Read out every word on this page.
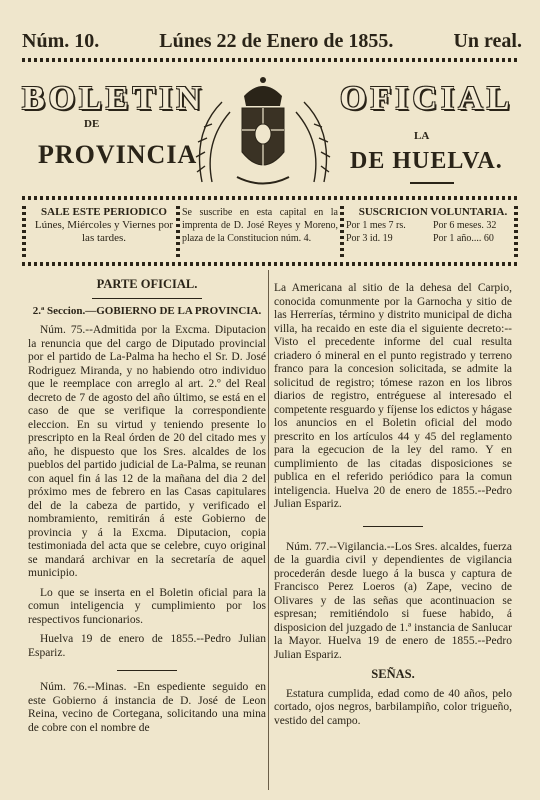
Núm. 10.	Lúnes 22 de Enero de 1855.	Un real.
BOLETIN	OFICIAL
DE
LA
PROVINCIA	DE HUELVA.
SALE ESTE PERIODICO
Lúnes, Miércoles y Viernes por las tardes.
Se suscribe en esta capital en la imprenta de D. José Reyes y Moreno, plaza de la Constitucion núm. 4.
SUSCRICION VOLUNTARIA.
Por 1 mes 7 rs.	Por 6 meses. 32
Por 3 id. 19	Por 1 año.... 60
PARTE OFICIAL.

2.ª Seccion.—GOBIERNO DE LA PROVINCIA.

Núm. 75.--Admitida por la Excma. Diputacion la renuncia que del cargo de Diputado provincial por el partido de La-Palma ha hecho el Sr. D. José Rodriguez Miranda, y no habiendo otro individuo que le reemplace con arreglo al art. 2.º del Real decreto de 7 de agosto del año último, se está en el caso de que se verifique la correspondiente eleccion. En su virtud y teniendo presente lo prescripto en la Real órden de 20 del citado mes y año, he dispuesto que los Sres. alcaldes de los pueblos del partido judicial de La-Palma, se reunan con aquel fin á las 12 de la mañana del dia 2 del próximo mes de febrero en las Casas capitulares del de la cabeza de partido, y verificado el nombramiento, remitirán á este Gobierno de provincia y á la Excma. Diputacion, copia testimoniada del acta que se celebre, cuyo original se mandará archivar en la secretaría de aquel municipio.

Lo que se inserta en el Boletin oficial para la comun inteligencia y cumplimiento por los respectivos funcionarios.

Huelva 19 de enero de 1855.--Pedro Julian Espariz.

Núm. 76.--Minas. -En espediente seguido en este Gobierno á instancia de D. José de Leon Reina, vecino de Cortegana, solicitando una mina de cobre con el nombre de

La Americana al sitio de la dehesa del Carpio, conocida comunmente por la Garnocha y sitio de las Herrerías, término y distrito municipal de dicha villa, ha recaido en este dia el siguiente decreto:--Visto el precedente informe del cual resulta criadero ó mineral en el punto registrado y terreno franco para la concesion solicitada, se admite la solicitud de registro; tómese razon en los libros diarios de registro, entréguese al interesado el competente resguardo y fíjense los edictos y hágase los anuncios en el Boletin oficial del modo prescrito en los artículos 44 y 45 del reglamento para la egecucion de la ley del ramo. Y en cumplimiento de las citadas disposiciones se publica en el referido periódico para la comun inteligencia. Huelva 20 de enero de 1855.--Pedro Julian Espariz.

Núm. 77.--Vigilancia.--Los Sres. alcaldes, fuerza de la guardia civil y dependientes de vigilancia procederán desde luego á la busca y captura de Francisco Perez Loeros (a) Zape, vecino de Olivares y de las señas que acontinuacion se espresan; remitiéndolo si fuese habido, á disposicion del juzgado de 1.ª instancia de Sanlucar la Mayor. Huelva 19 de enero de 1855.--Pedro Julian Espariz.

SEÑAS.

Estatura cumplida, edad como de 40 años, pelo cortado, ojos negros, barbilampiño, color trigueño, vestido del campo.
